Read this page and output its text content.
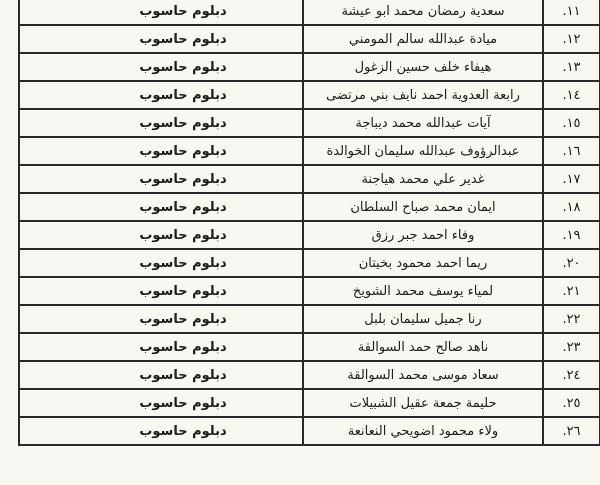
١١.	سعدية رمضان محمد ابو عيشة	دبلوم حاسوب
١٢.	ميادة عبدالله سالم المومني	دبلوم حاسوب
١٣.	هيفاء خلف حسين الزغول	دبلوم حاسوب
١٤.	رابعة العدوية احمد نايف بني مرتضى	دبلوم حاسوب
١٥.	آيات عبدالله محمد ديباجة	دبلوم حاسوب
١٦.	عبدالرؤوف عبدالله سليمان الخوالدة	دبلوم حاسوب
١٧.	غدير علي محمد هياجنة	دبلوم حاسوب
١٨.	ايمان محمد صباح السلطان	دبلوم حاسوب
١٩.	وفاء احمد جبر رزق	دبلوم حاسوب
٢٠.	ريما احمد محمود بخيتان	دبلوم حاسوب
٢١.	لمياء يوسف محمد الشويخ	دبلوم حاسوب
٢٢.	رنا جميل سليمان بلبل	دبلوم حاسوب
٢٣.	ناهد صالح حمد السوالقة	دبلوم حاسوب
٢٤.	سعاد موسى محمد السوالقة	دبلوم حاسوب
٢٥.	حليمة جمعة عقيل الشبيلات	دبلوم حاسوب
٢٦.	ولاء محمود اضويحي النعانعة	دبلوم حاسوب
